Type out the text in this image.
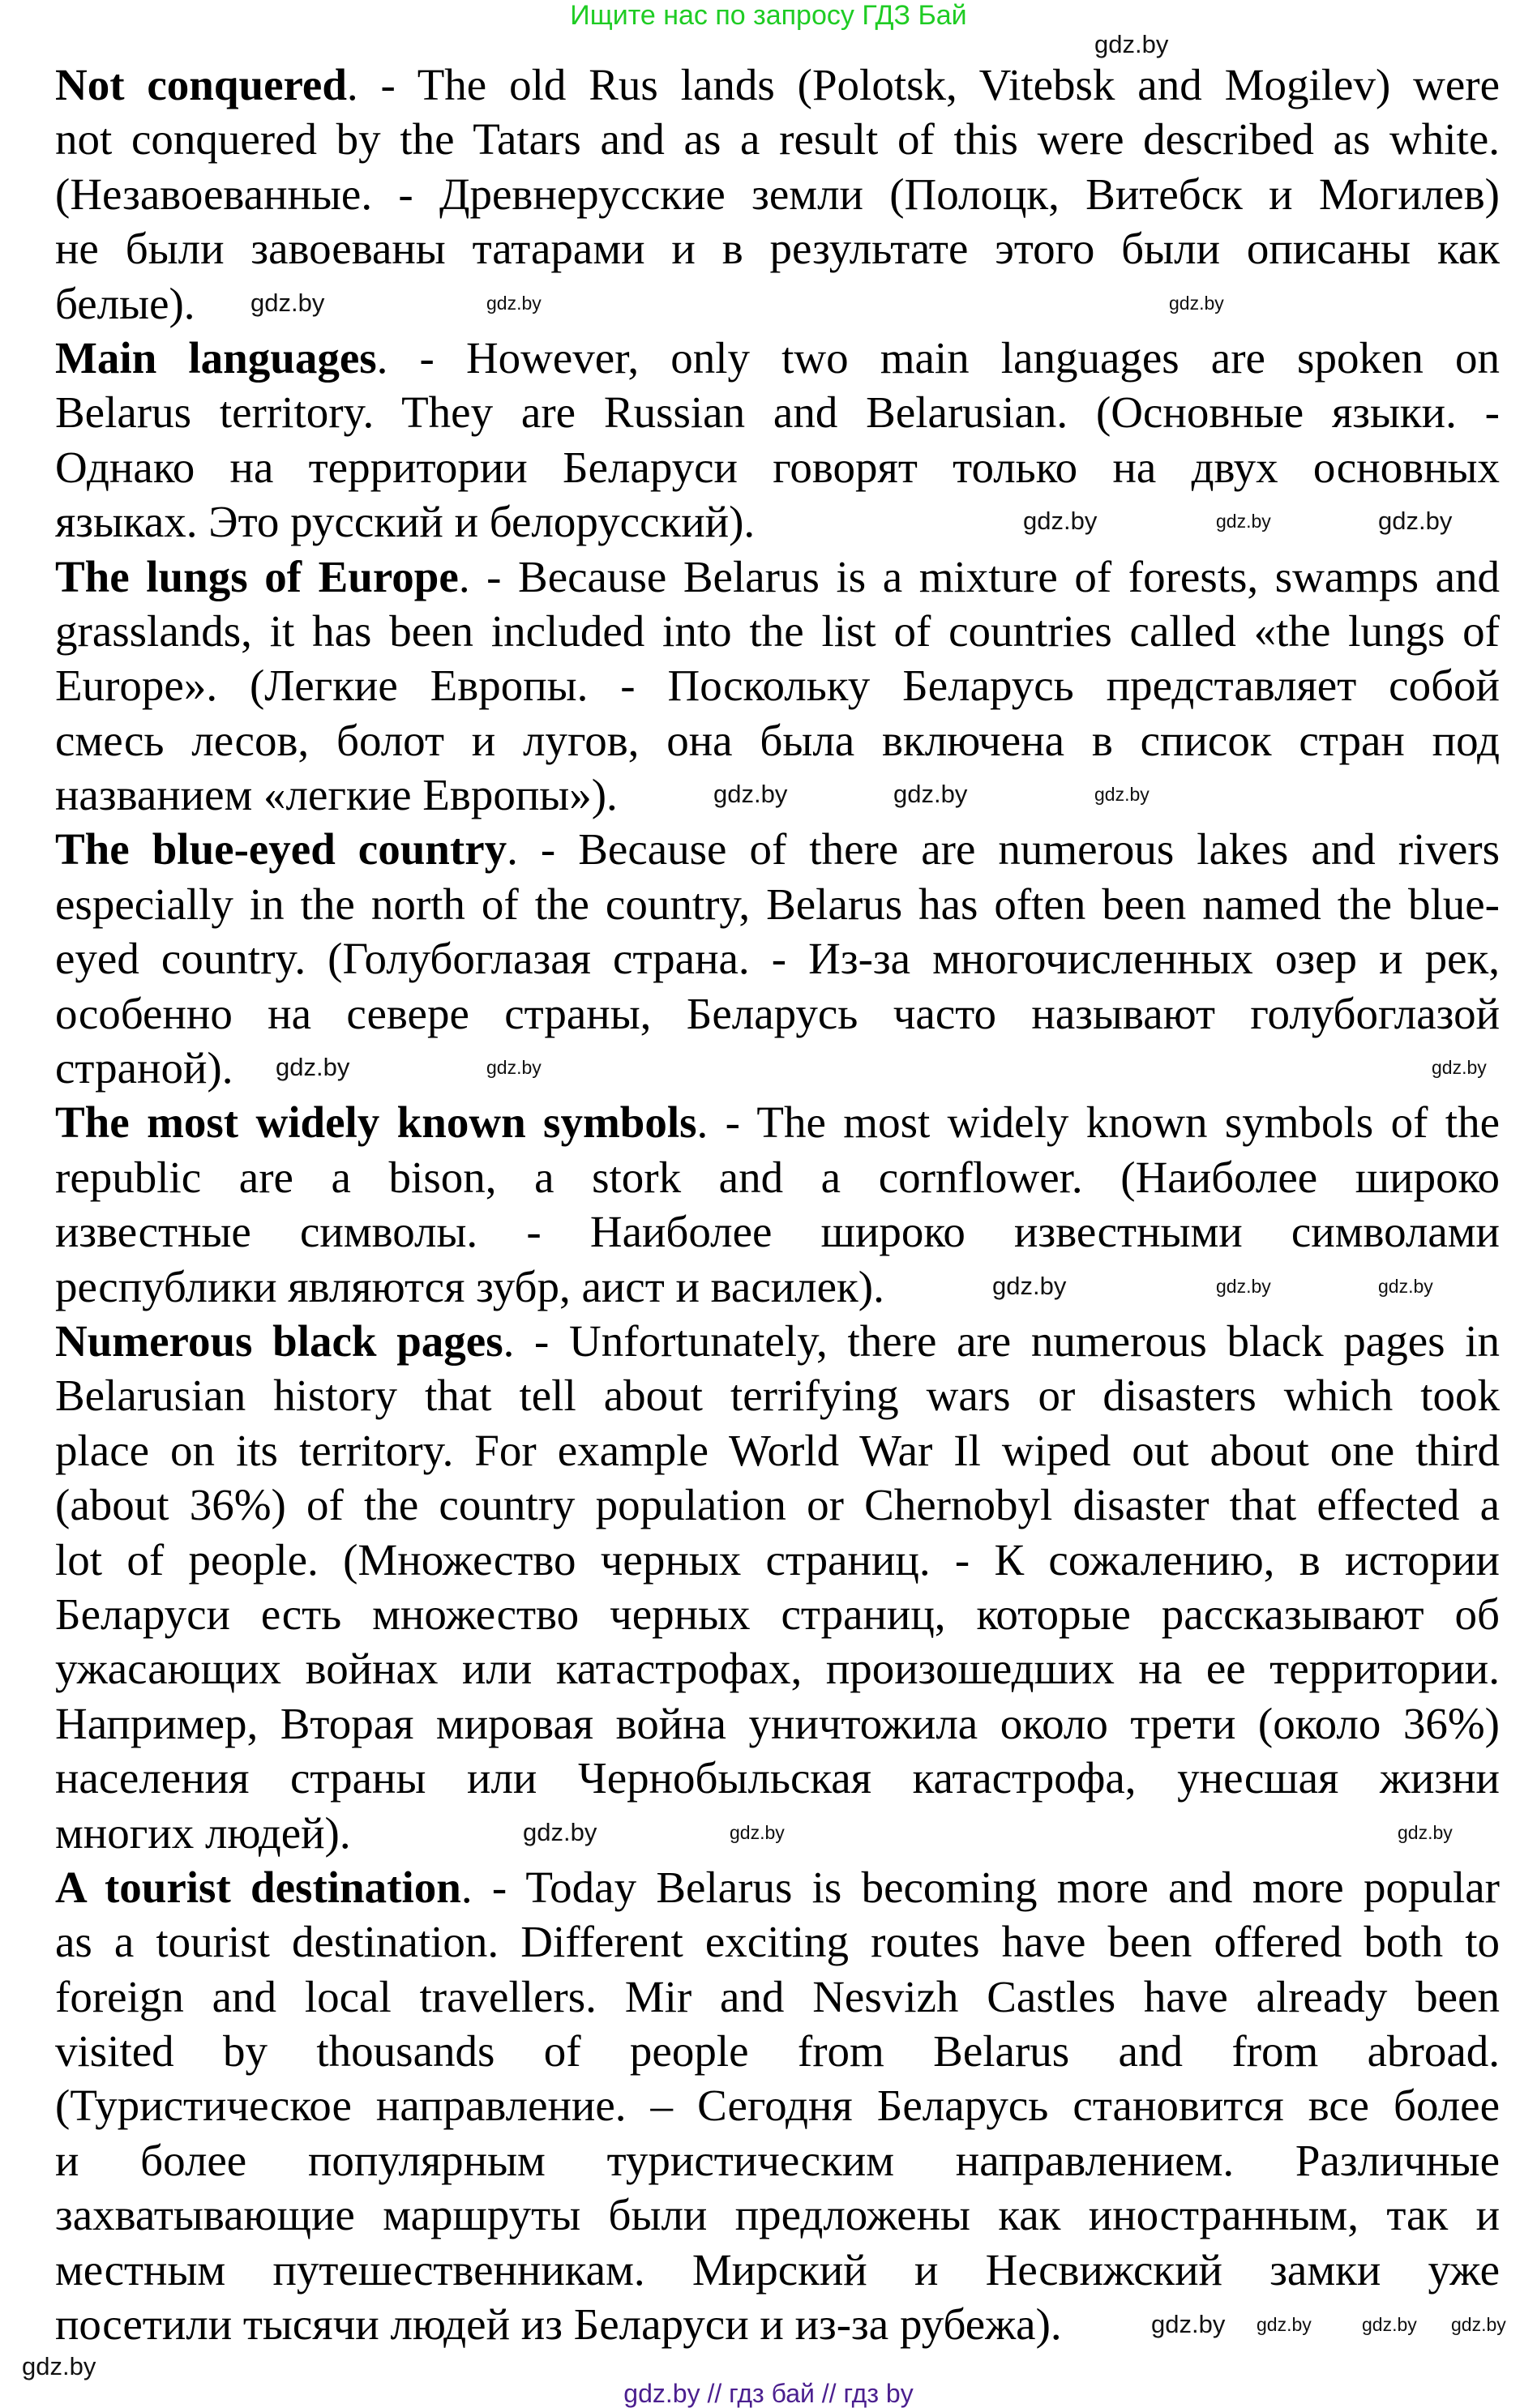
Ищите нас по запросу ГДЗ Бай
Not conquered. - The old Rus lands (Polotsk, Vitebsk and Mogilev) were
not conquered by the Tatars and as a result of this were described as white.
(Незавоеванные. - Древнерусские земли (Полоцк, Витебск и Могилев)
не были завоеваны татарами и в результате этого были описаны как
белые).
Main languages. - However, only two main languages are spoken on
Belarus territory. They are Russian and Belarusian. (Основные языки. -
Однако на территории Беларуси говорят только на двух основных
языках. Это русский и белорусский).
The lungs of Europe. - Because Belarus is a mixture of forests, swamps and
grasslands, it has been included into the list of countries called «the lungs of
Europe». (Легкие Европы. - Поскольку Беларусь представляет собой
смесь лесов, болот и лугов, она была включена в список стран под
названием «легкие Европы»).
The blue-eyed country. - Because of there are numerous lakes and rivers
especially in the north of the country, Belarus has often been named the blue-
eyed country. (Голубоглазая страна. - Из-за многочисленных озер и рек,
особенно на севере страны, Беларусь часто называют голубоглазой
страной).
The most widely known symbols. - The most widely known symbols of the
republic are a bison, a stork and a cornflower. (Наиболее широко
известные символы. - Наиболее широко известными символами
республики являются зубр, аист и василек).
Numerous black pages. - Unfortunately, there are numerous black pages in
Belarusian history that tell about terrifying wars or disasters which took
place on its territory. For example World War Il wiped out about one third
(about 36%) of the country population or Chernobyl disaster that effected a
lot of people. (Множество черных страниц. - К сожалению, в истории
Беларуси есть множество черных страниц, которые рассказывают об
ужасающих войнах или катастрофах, произошедших на ее территории.
Например, Вторая мировая война уничтожила около трети (около 36%)
населения страны или Чернобыльская катастрофа, унесшая жизни
многих людей).
A tourist destination. - Today Belarus is becoming more and more popular
as a tourist destination. Different exciting routes have been offered both to
foreign and local travellers. Mir and Nesvizh Castles have already been
visited by thousands of people from Belarus and from abroad.
(Туристическое направление. – Сегодня Беларусь становится все более
и более популярным туристическим направлением. Различные
захватывающие маршруты были предложены как иностранным, так и
местным путешественникам. Мирский и Несвижский замки уже
посетили тысячи людей из Беларуси и из-за рубежа).
gdz.by
gdz.by	gdz.by	gdz.by
gdz.by	gdz.by	gdz.by
gdz.by	gdz.by	gdz.by
gdz.by	gdz.by	gdz.by
gdz.by	gdz.by	gdz.by
gdz.by	gdz.by	gdz.by
gdz.by gdz.by	gdz.by gdz.by
gdz.by
gdz.by // гдз бай // гдз by
